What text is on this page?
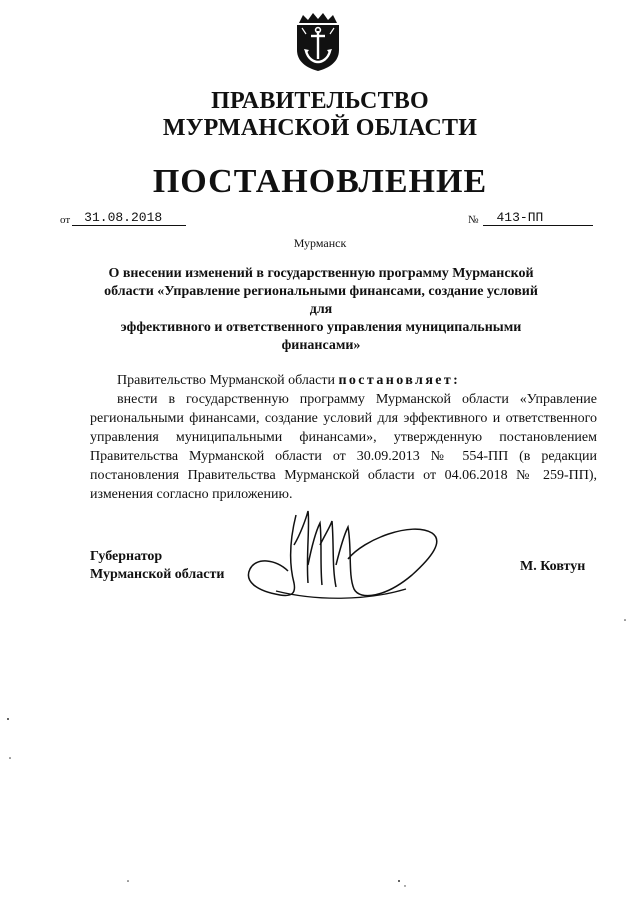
ПРАВИТЕЛЬСТВО
МУРМАНСКОЙ ОБЛАСТИ
ПОСТАНОВЛЕНИЕ
от	31.08.2018	№	413-ПП
Мурманск
О внесении изменений в государственную программу Мурманской
области «Управление региональными финансами, создание условий для
эффективного и ответственного управления муниципальными
финансами»

Правительство Мурманской области постановляет:

внести в государственную программу Мурманской области «Управление региональными финансами, создание условий для эффективного и ответственного управления муниципальными финансами», утвержденную постановлением Правительства Мурманской области от 30.09.2013 № 554-ПП (в редакции постановления Правительства Мурманской области от 04.06.2018 № 259-ПП), изменения согласно приложению.

Губернатор
Мурманской области
М. Ковтун
